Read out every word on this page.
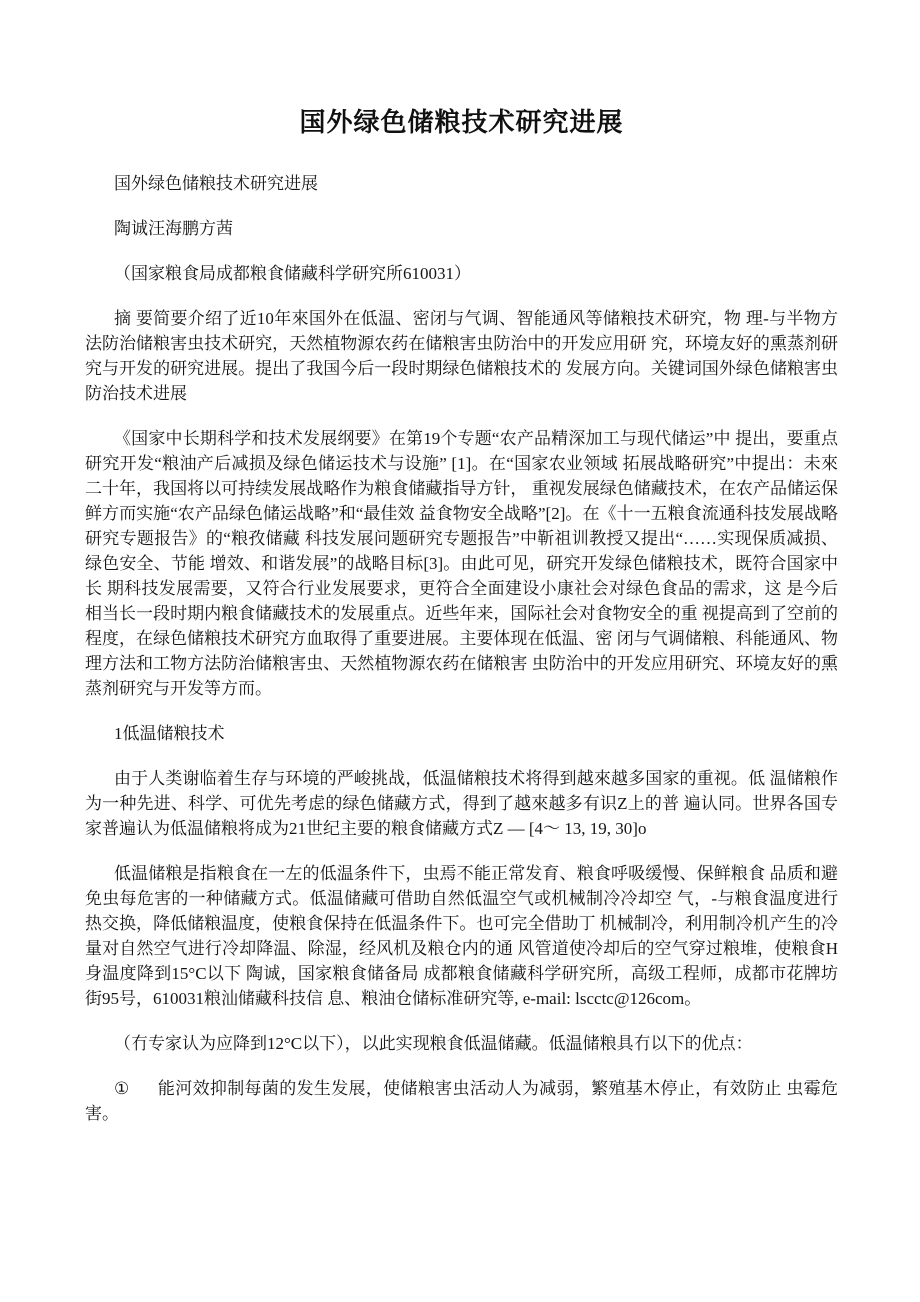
国外绿色储粮技术研究进展

国外绿色储粮技术研究进展

陶诚汪海鹏方茜

（国家粮食局成都粮食储藏科学研究所610031）

摘 要简要介绍了近10年來国外在低温、密闭与气调、智能通风等储粮技术研究，物 理-与半物方法防治储粮害虫技术研究，天然植物源农药在储粮害虫防治中的开发应用研 究，环境友好的熏蒸剂研究与开发的研究进展。提出了我国今后一段时期绿色储粮技术的 发展方向。关键词国外绿色储粮害虫防治技术进展

《国家中长期科学和技术发展纲要》在第19个专题“农产品精深加工与现代储运”中 提出，要重点研究开发“粮油产后减损及绿色储运技术与设施” [1]。在“国家农业领域 拓展战略研究”中提出：未來二十年，我国将以可持续发展战略作为粮食储藏指导方针， 重视发展绿色储藏技术，在农产品储运保鲜方而实施“农产品绿色储运战略”和“最佳效 益食物安全战略”[2]。在《十一五粮食流通科技发展战略研究专题报告》的“粮孜储藏 科技发展问题研究专题报告”中靳祖训教授又提出“……实现保质减损、绿色安全、节能 增效、和谐发展”的战略目标[3]。由此可见，研究开发绿色储粮技术，既符合国家中长 期科技发展需要，又符合行业发展要求，更符合全面建设小康社会对绿色食品的需求，这 是今后相当长一段时期内粮食储藏技术的发展重点。近些年来，国际社会对食物安全的重 视提高到了空前的程度，在绿色储粮技术研究方血取得了重要进展。主要体现在低温、密 闭与气调储粮、科能通风、物理方法和工物方法防治储粮害虫、天然植物源农药在储粮害 虫防治中的开发应用研究、环境友好的熏蒸剂研究与开发等方而。

1低温储粮技术

由于人类谢临着生存与环境的严峻挑战，低温储粮技术将得到越來越多国家的重视。低 温储粮作为一种先进、科学、可优先考虑的绿色储藏方式，得到了越來越多有识Z上的普 遍认同。世界各国专家普遍认为低温储粮将成为21世纪主要的粮食储藏方式Z — [4～ 13, 19, 30]o

低温储粮是指粮食在一左的低温条件下，虫焉不能正常发育、粮食呼吸缓慢、保鲜粮食 品质和避免虫每危害的一种储藏方式。低温储藏可借助自然低温空气或机械制冷冷却空 气，-与粮食温度进行热交换，降低储粮温度，使粮食保持在低温条件下。也可完全借助丁 机械制冷，利用制冷机产生的冷量对自然空气进行冷却降温、除湿，经风机及粮仓内的通 风管道使冷却后的空气穿过粮堆，使粮食H身温度降到15°C以下 陶诚，国家粮食储备局 成都粮食储藏科学研究所，高级工程师，成都市花牌坊街95号，610031粮汕储藏科技信 息、粮油仓储标准研究等, e-mail: lscctc@126com。

（冇专家认为应降到12°C以下），以此实现粮食低温储藏。低温储粮具冇以下的优点：

① 能河效抑制每菌的发生发展，使储粮害虫活动人为减弱，繁殖基木停止，有效防止 虫霉危害。
